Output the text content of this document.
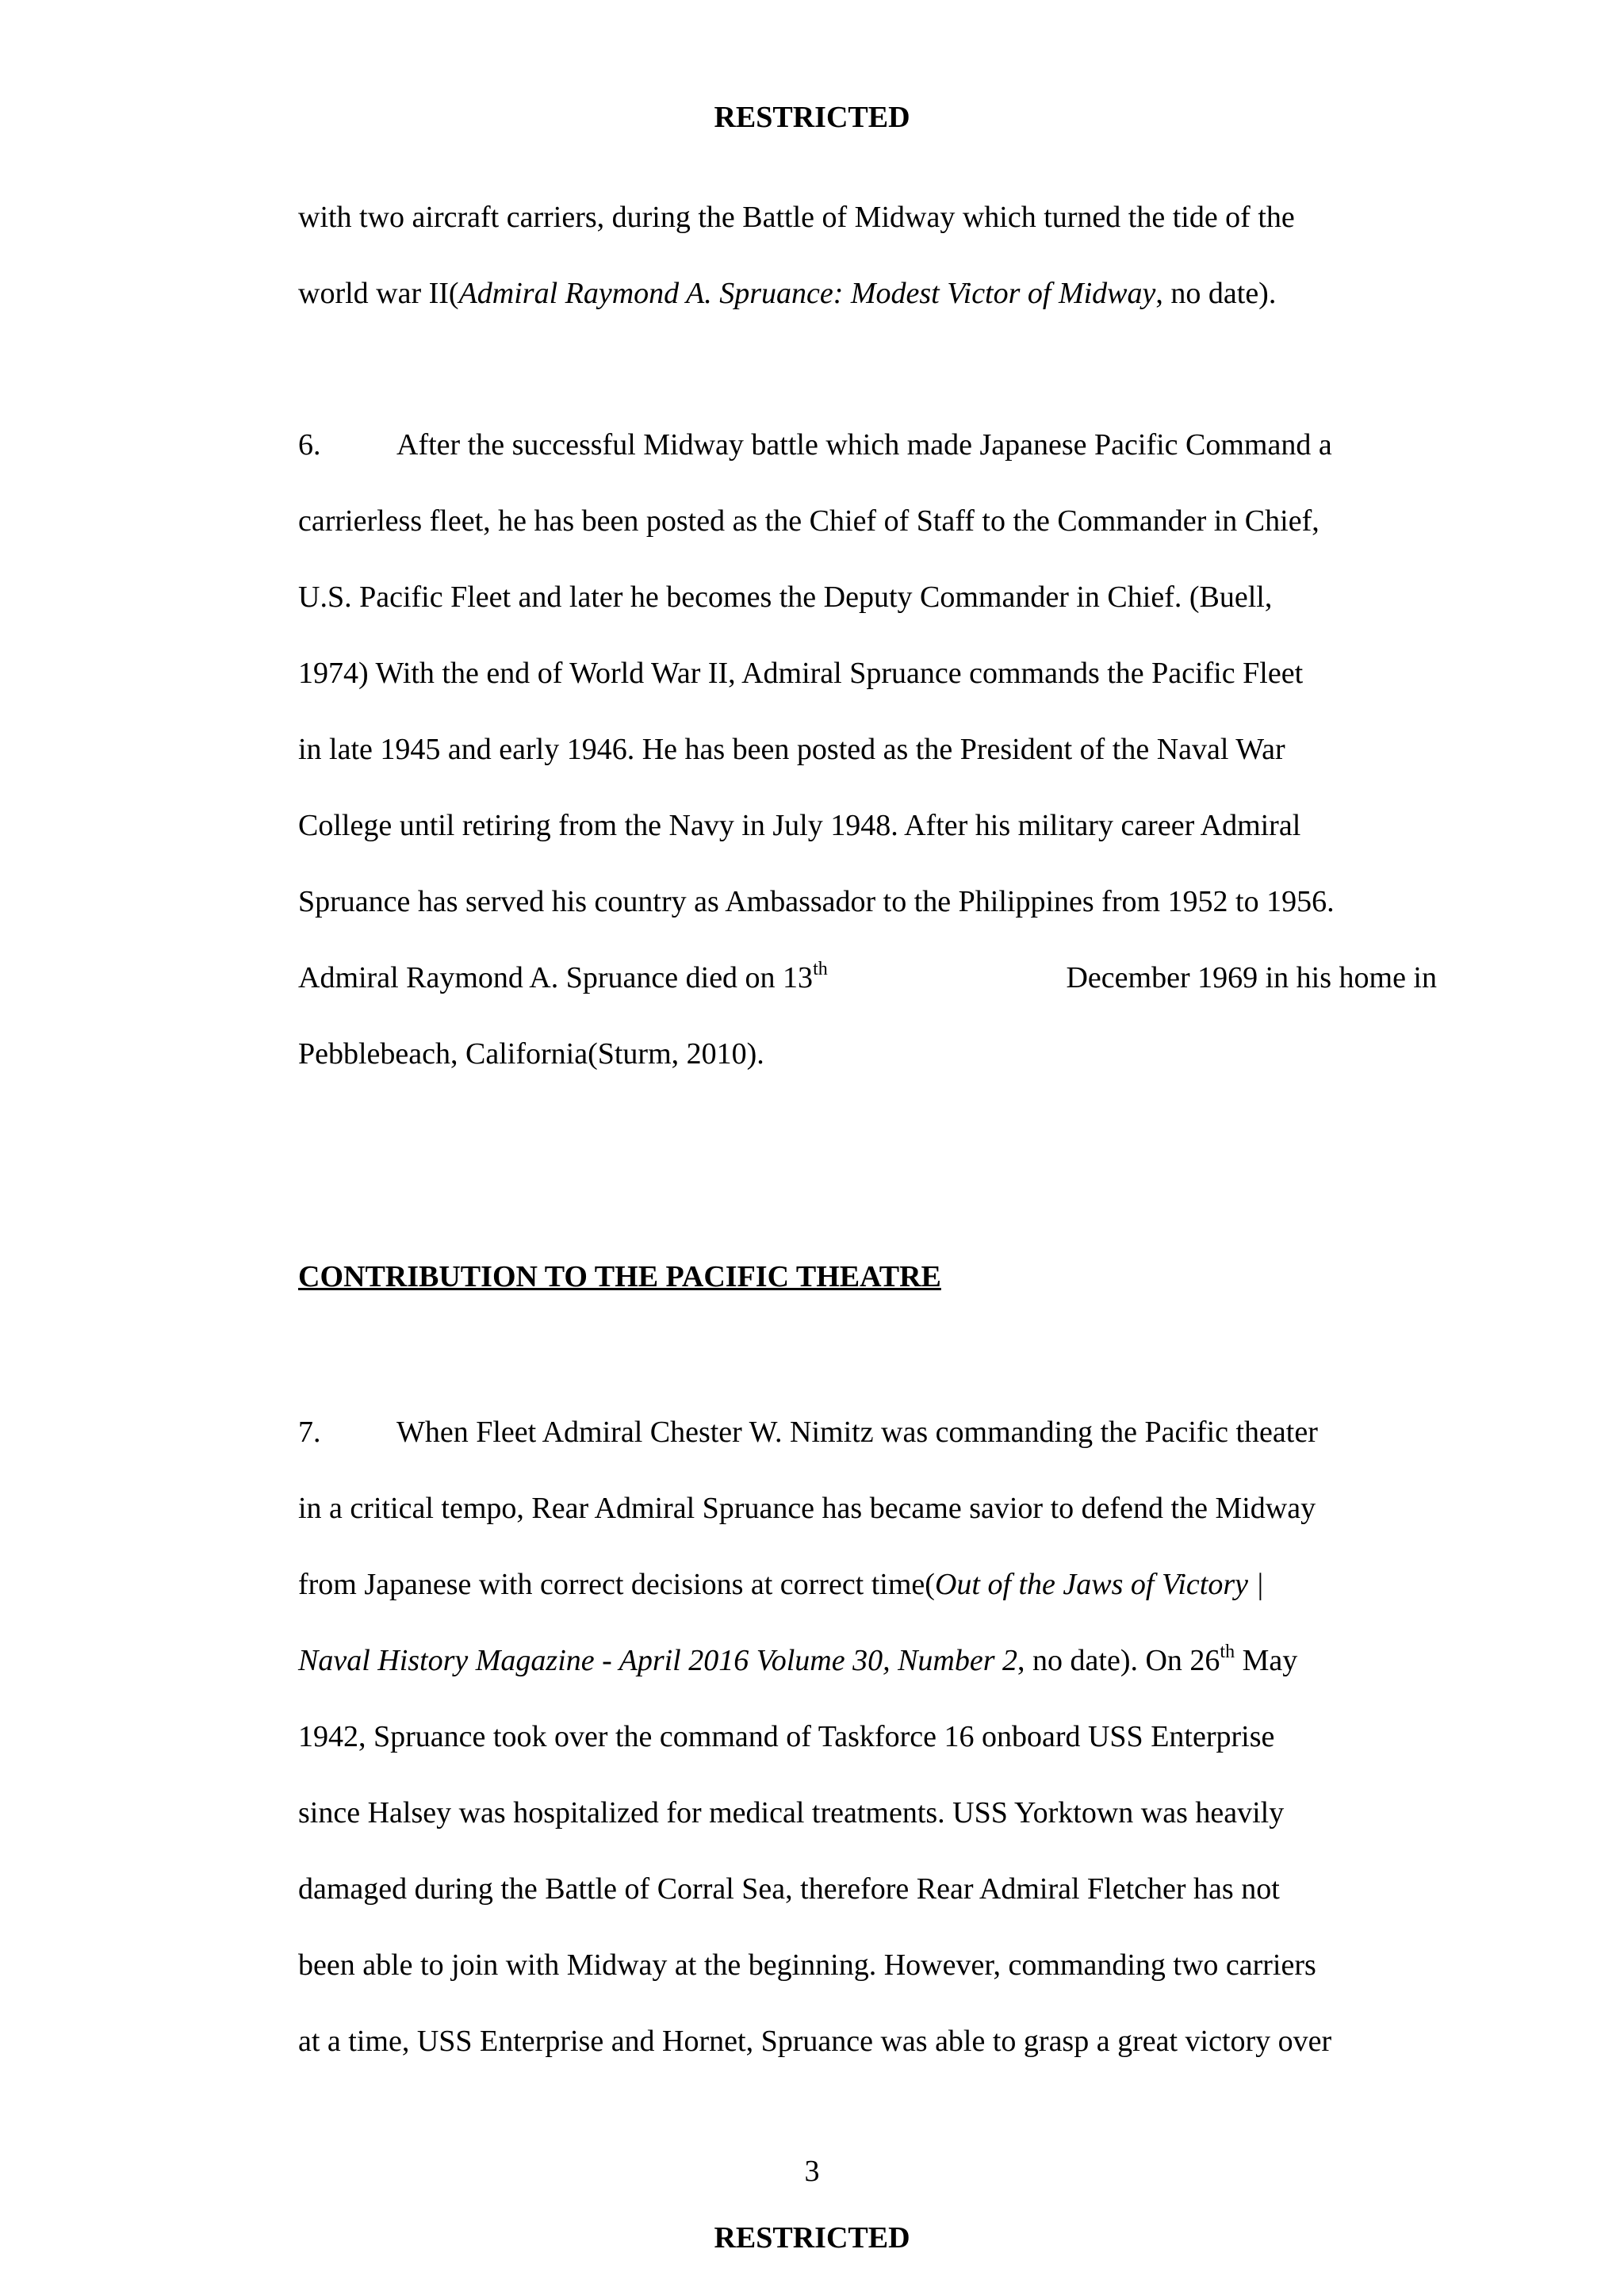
RESTRICTED
with two aircraft carriers, during the Battle of Midway which turned the tide of the
world war II(Admiral Raymond A. Spruance: Modest Victor of Midway, no date).
6.	After the successful Midway battle which made Japanese Pacific Command a
carrierless fleet, he has been posted as the Chief of Staff to the Commander in Chief,
U.S. Pacific Fleet and later he becomes the Deputy Commander in Chief. (Buell,
1974) With the end of World War II, Admiral Spruance commands the Pacific Fleet
in late 1945 and early 1946. He has been posted as the President of the Naval War
College until retiring from the Navy in July 1948. After his military career Admiral
Spruance has served his country as Ambassador to the Philippines from 1952 to 1956.
Admiral Raymond A. Spruance died on 13th	December 1969 in his home in
Pebblebeach, California(Sturm, 2010).
CONTRIBUTION TO THE PACIFIC THEATRE
7.	When Fleet Admiral Chester W. Nimitz was commanding the Pacific theater
in a critical tempo, Rear Admiral Spruance has became savior to defend the Midway
from Japanese with correct decisions at correct time(Out of the Jaws of Victory |
Naval History Magazine - April 2016 Volume 30, Number 2, no date). On 26th May
1942, Spruance took over the command of Taskforce 16 onboard USS Enterprise
since Halsey was hospitalized for medical treatments. USS Yorktown was heavily
damaged during the Battle of Corral Sea, therefore Rear Admiral Fletcher has not
been able to join with Midway at the beginning. However, commanding two carriers
at a time, USS Enterprise and Hornet, Spruance was able to grasp a great victory over
3
RESTRICTED
